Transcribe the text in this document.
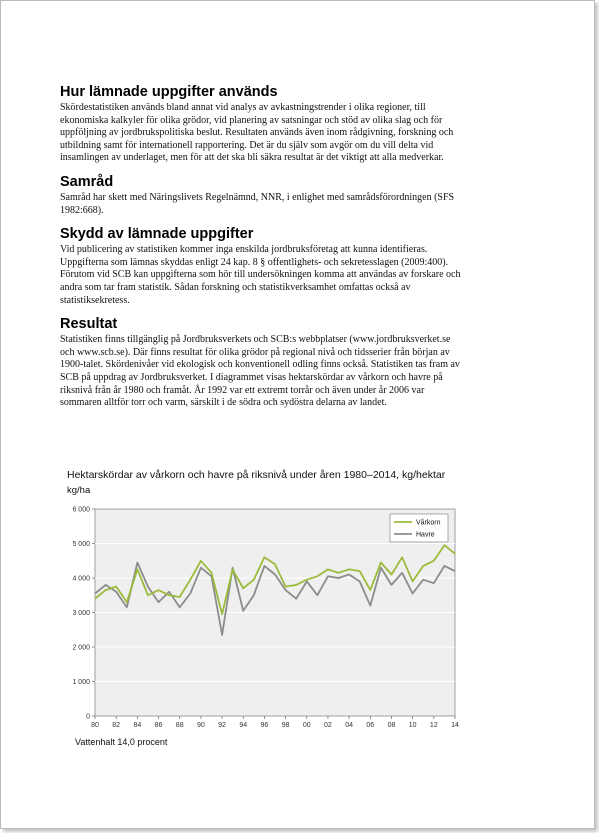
Hur lämnade uppgifter används

Skördestatistiken används bland annat vid analys av avkastningstrender i olika regioner, till ekonomiska kalkyler för olika grödor, vid planering av satsningar och stöd av olika slag och för uppföljning av jordbrukspolitiska beslut. Resultaten används även inom rådgivning, forskning och utbildning samt för internationell rapportering. Det är du själv som avgör om du vill delta vid insamlingen av underlaget, men för att det ska bli säkra resultat är det viktigt att alla medverkar.

Samråd

Samråd har skett med Näringslivets Regelnämnd, NNR, i enlighet med samrådsförordningen (SFS 1982:668).

Skydd av lämnade uppgifter

Vid publicering av statistiken kommer inga enskilda jordbruksföretag att kunna identifieras. Uppgifterna som lämnas skyddas enligt 24 kap. 8 § offentlighets- och sekretesslagen (2009:400). Förutom vid SCB kan uppgifterna som hör till undersökningen komma att användas av forskare och andra som tar fram statistik. Sådan forskning och statistikverksamhet omfattas också av statistiksekretess.

Resultat

Statistiken finns tillgänglig på Jordbruksverkets och SCB:s webbplatser (www.jordbruksverket.se och www.scb.se). Där finns resultat för olika grödor på regional nivå och tidsserier från början av 1900-talet. Skördenivåer vid ekologisk och konventionell odling finns också. Statistiken tas fram av SCB på uppdrag av Jordbruksverket. I diagrammet visas hektarskördar av vårkorn och havre på riksnivå från år 1980 och framåt. År 1992 var ett extremt torrår och även under år 2006 var sommaren alltför torr och varm, särskilt i de södra och sydöstra delarna av landet.

Hektarskördar av vårkorn och havre på riksnivå under åren 1980–2014, kg/hektar
kg/ha
0
1 000
2 000
3 000
4 000
5 000
6 000
80 82 84 86 88 90 92 94 96 98 00 02 04 06 08 10 12 14
Vårkorn
Havre
Vattenhalt 14,0 procent
